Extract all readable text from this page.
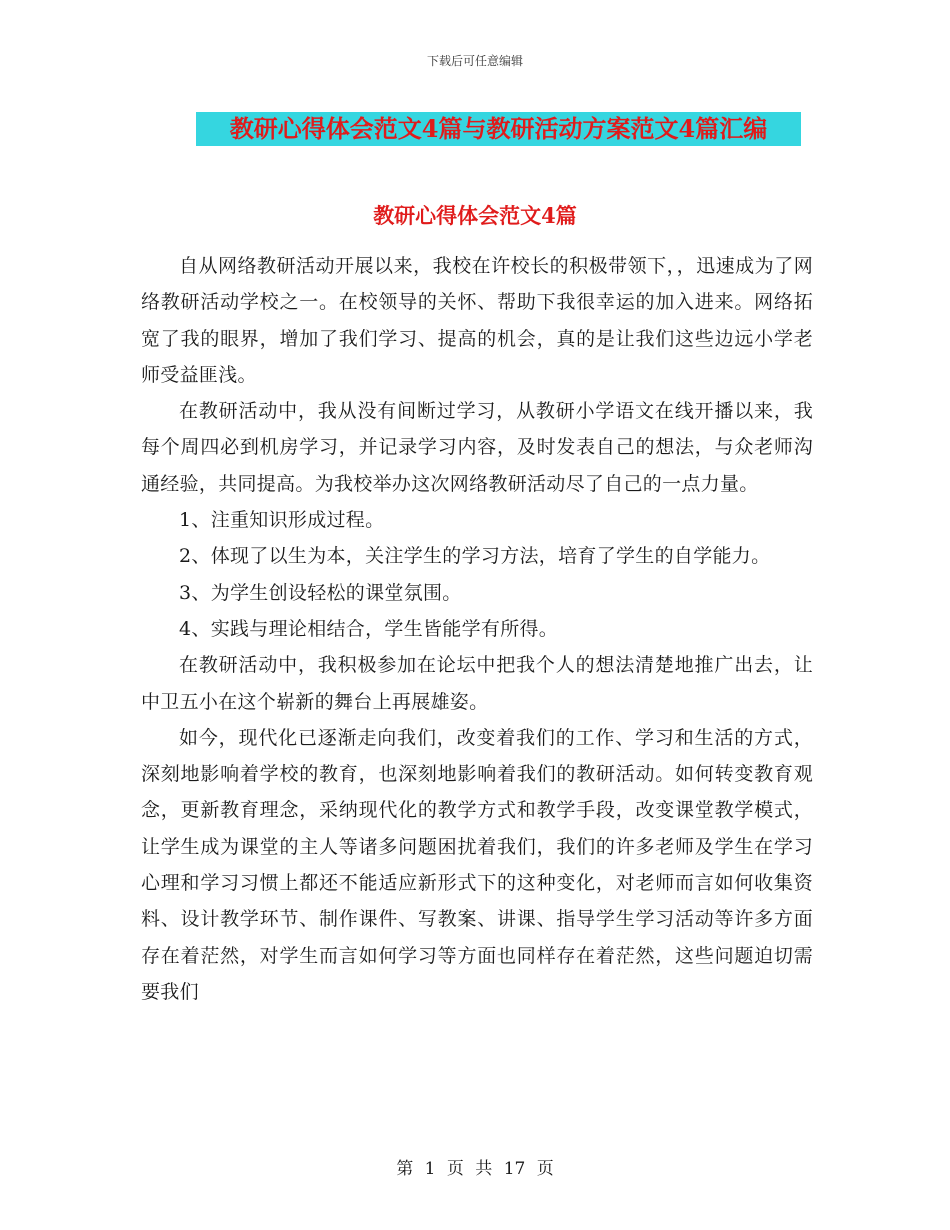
下载后可任意编辑
教研心得体会范文4篇与教研活动方案范文4篇汇编
教研心得体会范文4篇

自从网络教研活动开展以来，我校在许校长的积极带领下，，迅速成为了网络教研活动学校之一。在校领导的关怀、帮助下我很幸运的加入进来。网络拓宽了我的眼界，增加了我们学习、提高的机会，真的是让我们这些边远小学老师受益匪浅。

在教研活动中，我从没有间断过学习，从教研小学语文在线开播以来，我每个周四必到机房学习，并记录学习内容，及时发表自己的想法，与众老师沟通经验，共同提高。为我校举办这次网络教研活动尽了自己的一点力量。

1、注重知识形成过程。

2、体现了以生为本，关注学生的学习方法，培育了学生的自学能力。

3、为学生创设轻松的课堂氛围。

4、实践与理论相结合，学生皆能学有所得。

在教研活动中，我积极参加在论坛中把我个人的想法清楚地推广出去，让中卫五小在这个崭新的舞台上再展雄姿。

如今，现代化已逐渐走向我们，改变着我们的工作、学习和生活的方式，深刻地影响着学校的教育，也深刻地影响着我们的教研活动。如何转变教育观念，更新教育理念，采纳现代化的教学方式和教学手段，改变课堂教学模式，让学生成为课堂的主人等诸多问题困扰着我们，我们的许多老师及学生在学习心理和学习习惯上都还不能适应新形式下的这种变化，对老师而言如何收集资料、设计教学环节、制作课件、写教案、讲课、指导学生学习活动等许多方面存在着茫然，对学生而言如何学习等方面也同样存在着茫然，这些问题迫切需要我们

第 1 页 共 17 页
